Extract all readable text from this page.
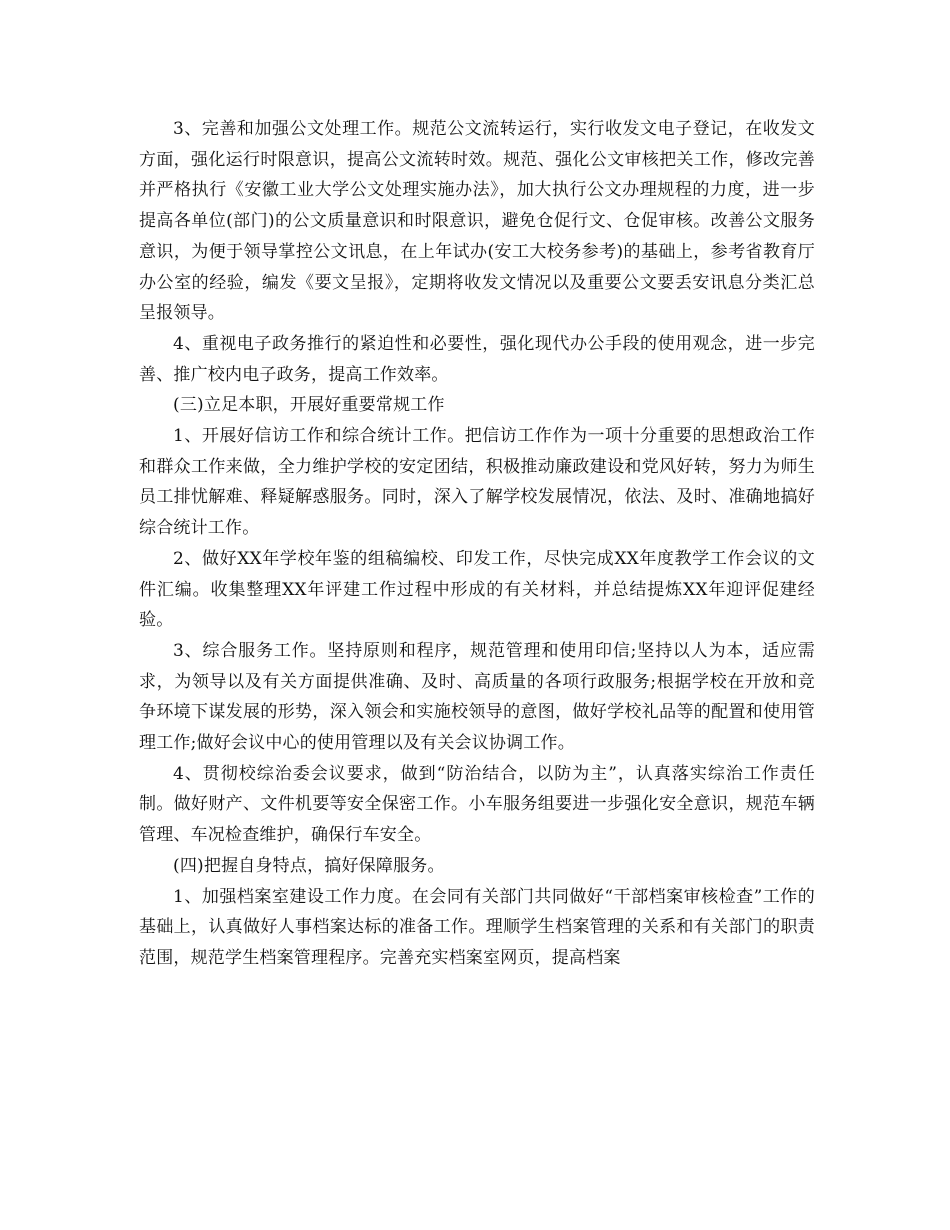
3、完善和加强公文处理工作。规范公文流转运行，实行收发文电子登记，在收发文方面，强化运行时限意识，提高公文流转时效。规范、强化公文审核把关工作，修改完善并严格执行《安徽工业大学公文处理实施办法》，加大执行公文办理规程的力度，进一步提高各单位(部门)的公文质量意识和时限意识，避免仓促行文、仓促审核。改善公文服务意识，为便于领导掌控公文讯息，在上年试办(安工大校务参考)的基础上，参考省教育厅办公室的经验，编发《要文呈报》，定期将收发文情况以及重要公文要丢安讯息分类汇总呈报领导。

4、重视电子政务推行的紧迫性和必要性，强化现代办公手段的使用观念，进一步完善、推广校内电子政务，提高工作效率。

(三)立足本职，开展好重要常规工作

1、开展好信访工作和综合统计工作。把信访工作作为一项十分重要的思想政治工作和群众工作来做，全力维护学校的安定团结，积极推动廉政建设和党风好转，努力为师生员工排忧解难、释疑解惑服务。同时，深入了解学校发展情况，依法、及时、准确地搞好综合统计工作。

2、做好XX年学校年鉴的组稿编校、印发工作，尽快完成XX年度教学工作会议的文件汇编。收集整理XX年评建工作过程中形成的有关材料，并总结提炼XX年迎评促建经验。

3、综合服务工作。坚持原则和程序，规范管理和使用印信;坚持以人为本，适应需求，为领导以及有关方面提供准确、及时、高质量的各项行政服务;根据学校在开放和竞争环境下谋发展的形势，深入领会和实施校领导的意图，做好学校礼品等的配置和使用管理工作;做好会议中心的使用管理以及有关会议协调工作。

4、贯彻校综治委会议要求，做到“防治结合，以防为主”，认真落实综治工作责任制。做好财产、文件机要等安全保密工作。小车服务组要进一步强化安全意识，规范车辆管理、车况检查维护，确保行车安全。

(四)把握自身特点，搞好保障服务。

1、加强档案室建设工作力度。在会同有关部门共同做好“干部档案审核检查”工作的基础上，认真做好人事档案达标的准备工作。理顺学生档案管理的关系和有关部门的职责范围，规范学生档案管理程序。完善充实档案室网页，提高档案
